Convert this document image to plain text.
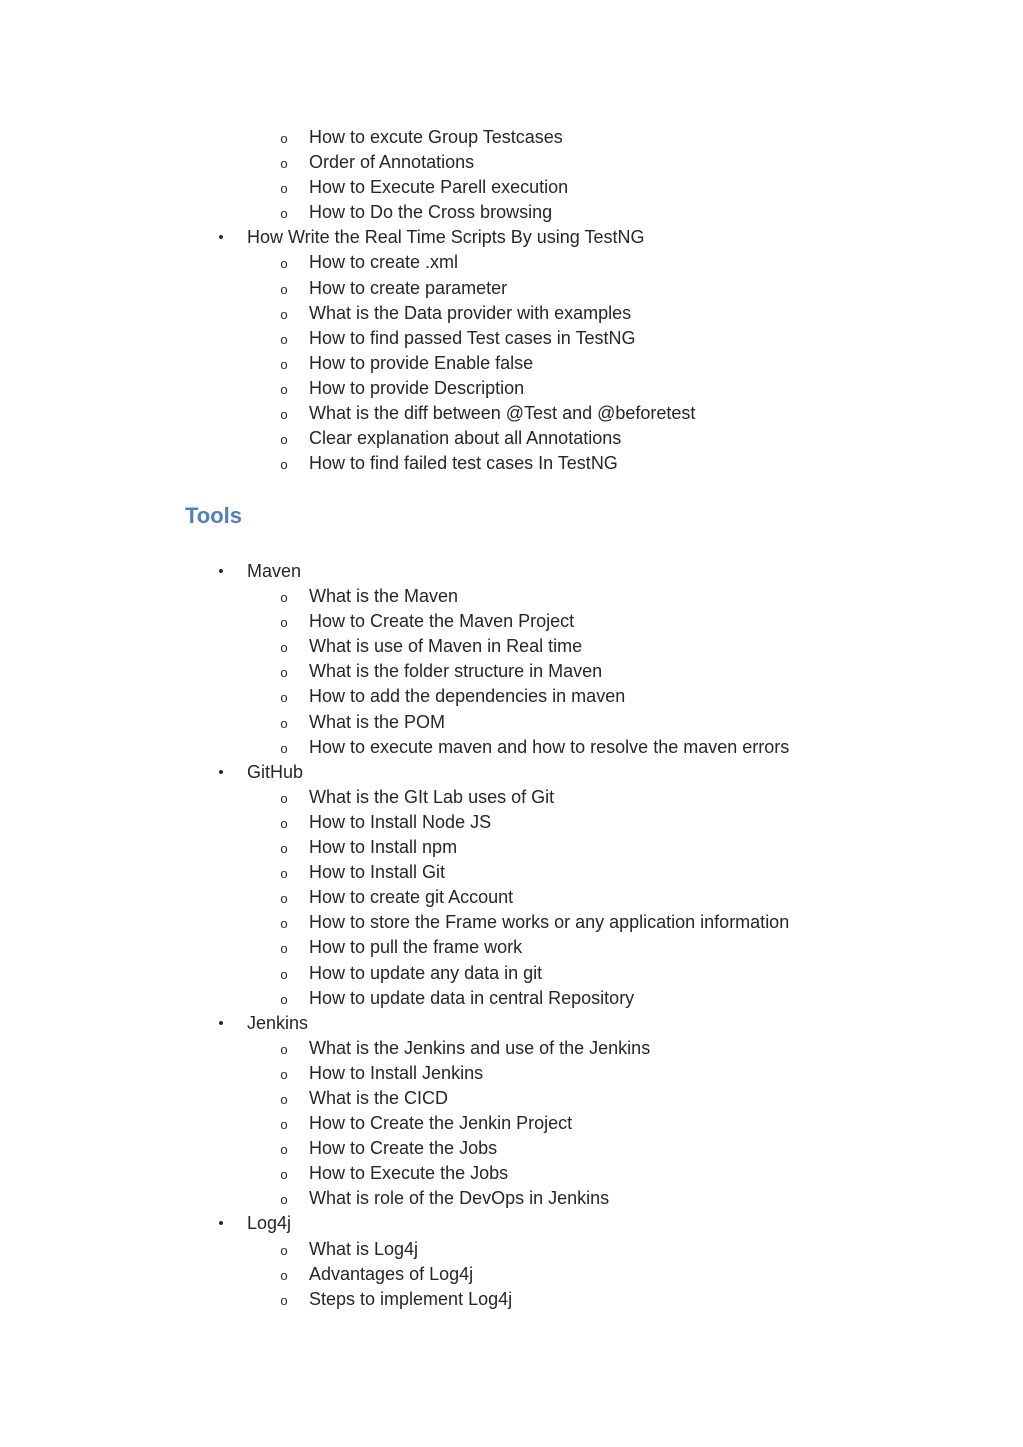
o How to excute Group Testcases
o Order of Annotations
o How to Execute Parell execution
o How to Do the Cross browsing
• How Write the Real Time Scripts By using TestNG
o How to create .xml
o How to create parameter
o What is the Data provider with examples
o How to find passed Test cases in TestNG
o How to provide Enable false
o How to provide Description
o What is the diff between @Test and @beforetest
o Clear explanation about all Annotations
o How to find failed test cases In TestNG
Tools
• Maven
o What is the Maven
o How to Create the Maven Project
o What is use of Maven in Real time
o What is the folder structure in Maven
o How to add the dependencies in maven
o What is the POM
o How to execute maven and how to resolve the maven errors
• GitHub
o What is the GIt Lab uses of Git
o How to Install Node JS
o How to Install npm
o How to Install Git
o How to create git Account
o How to store the Frame works or any application information
o How to pull the frame work
o How to update any data in git
o How to update data in central Repository
• Jenkins
o What is the Jenkins and use of the Jenkins
o How to Install Jenkins
o What is the CICD
o How to Create the Jenkin Project
o How to Create the Jobs
o How to Execute the Jobs
o What is role of the DevOps in Jenkins
• Log4j
o What is Log4j
o Advantages of Log4j
o Steps to implement Log4j
